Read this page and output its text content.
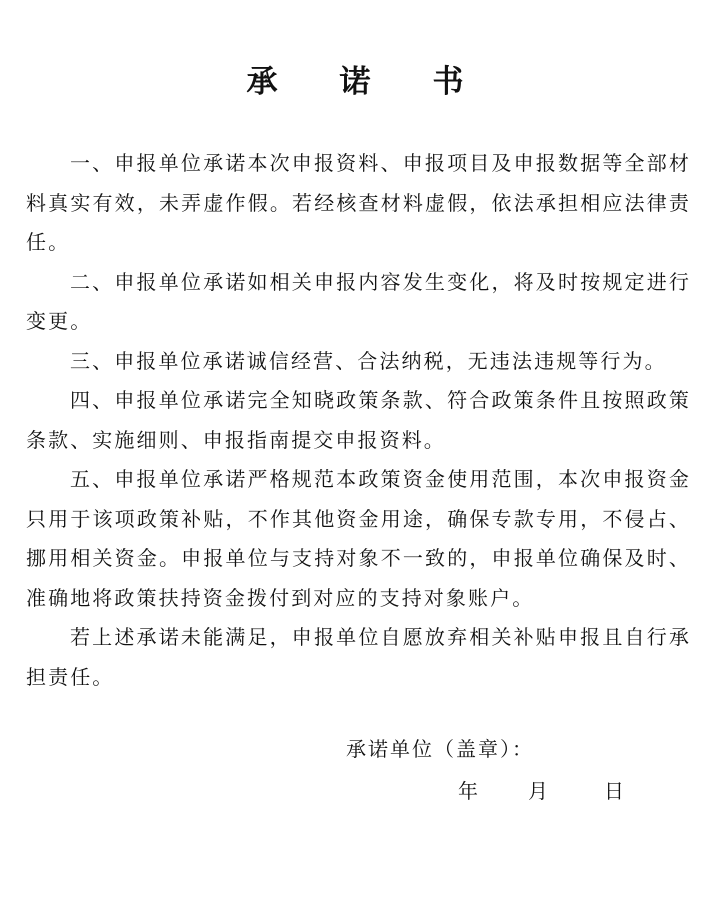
承诺书

一、申报单位承诺本次申报资料、申报项目及申报数据等全部材料真实有效，未弄虚作假。若经核查材料虚假，依法承担相应法律责任。

二、申报单位承诺如相关申报内容发生变化，将及时按规定进行变更。

三、申报单位承诺诚信经营、合法纳税，无违法违规等行为。

四、申报单位承诺完全知晓政策条款、符合政策条件且按照政策条款、实施细则、申报指南提交申报资料。

五、申报单位承诺严格规范本政策资金使用范围，本次申报资金只用于该项政策补贴，不作其他资金用途，确保专款专用，不侵占、挪用相关资金。申报单位与支持对象不一致的，申报单位确保及时、准确地将政策扶持资金拨付到对应的支持对象账户。

若上述承诺未能满足，申报单位自愿放弃相关补贴申报且自行承担责任。

承诺单位（盖章）：
年	月	日
